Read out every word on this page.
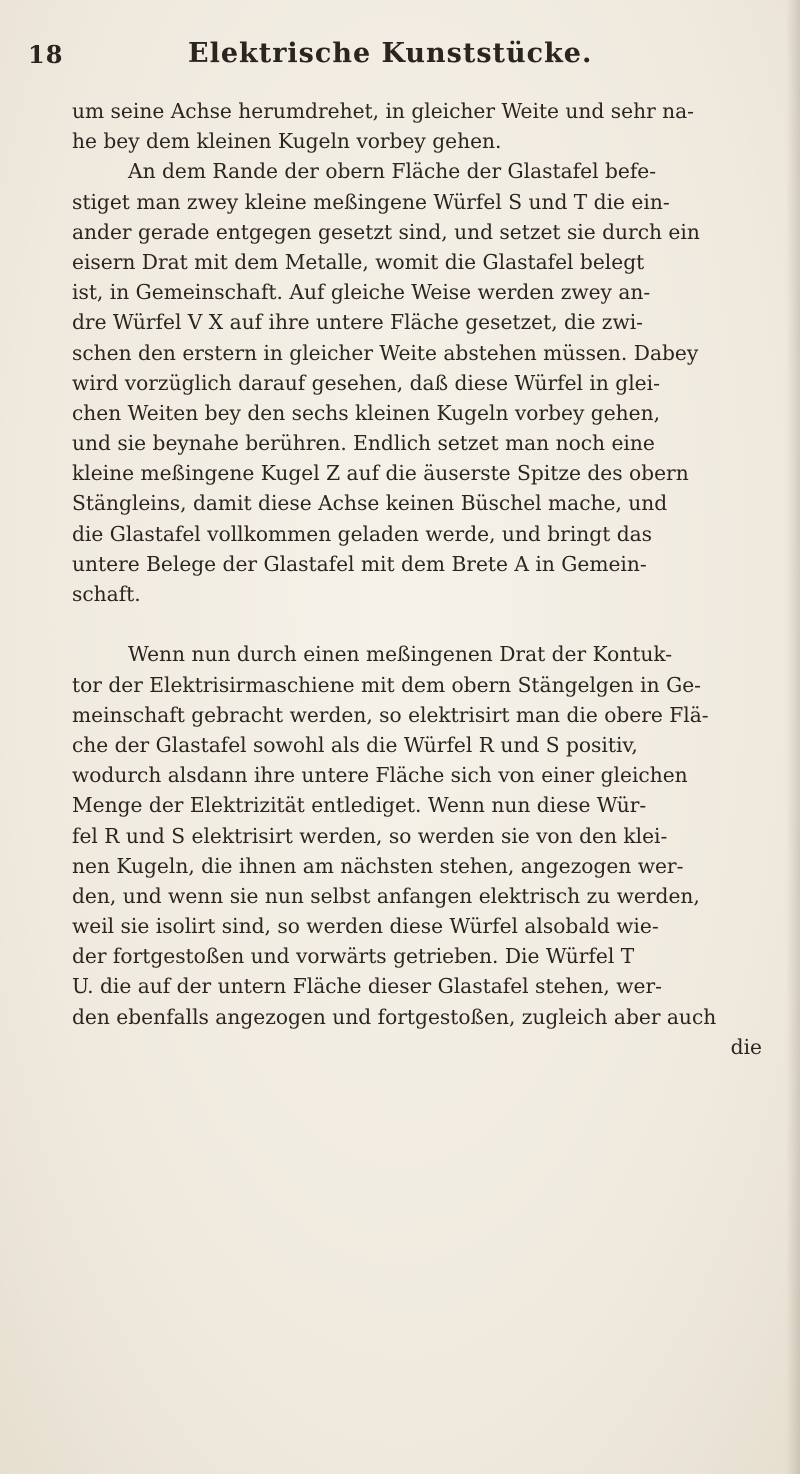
18	Elektrische Kunststücke.
um seine Achse herumdrehet, in gleicher Weite und sehr na-
he bey dem kleinen Kugeln vorbey gehen.
An dem Rande der obern Fläche der Glastafel befe-
stiget man zwey kleine meßingene Würfel S und T die ein-
ander gerade entgegen gesetzt sind, und setzet sie durch ein
eisern Drat mit dem Metalle, womit die Glastafel belegt
ist, in Gemeinschaft. Auf gleiche Weise werden zwey an-
dre Würfel V X auf ihre untere Fläche gesetzet, die zwi-
schen den erstern in gleicher Weite abstehen müssen. Dabey
wird vorzüglich darauf gesehen, daß diese Würfel in glei-
chen Weiten bey den sechs kleinen Kugeln vorbey gehen,
und sie beynahe berühren. Endlich setzet man noch eine
kleine meßingene Kugel Z auf die äuserste Spitze des obern
Stängleins, damit diese Achse keinen Büschel mache, und
die Glastafel vollkommen geladen werde, und bringt das
untere Belege der Glastafel mit dem Brete A in Gemein-
schaft.
Wenn nun durch einen meßingenen Drat der Kontuk-
tor der Elektrisirmaschiene mit dem obern Stängelgen in Ge-
meinschaft gebracht werden, so elektrisirt man die obere Flä-
che der Glastafel sowohl als die Würfel R und S positiv,
wodurch alsdann ihre untere Fläche sich von einer gleichen
Menge der Elektrizität entlediget. Wenn nun diese Wür-
fel R und S elektrisirt werden, so werden sie von den klei-
nen Kugeln, die ihnen am nächsten stehen, angezogen wer-
den, und wenn sie nun selbst anfangen elektrisch zu werden,
weil sie isolirt sind, so werden diese Würfel alsobald wie-
der fortgestoßen und vorwärts getrieben. Die Würfel T
U. die auf der untern Fläche dieser Glastafel stehen, wer-
den ebenfalls angezogen und fortgestoßen, zugleich aber auch
die
